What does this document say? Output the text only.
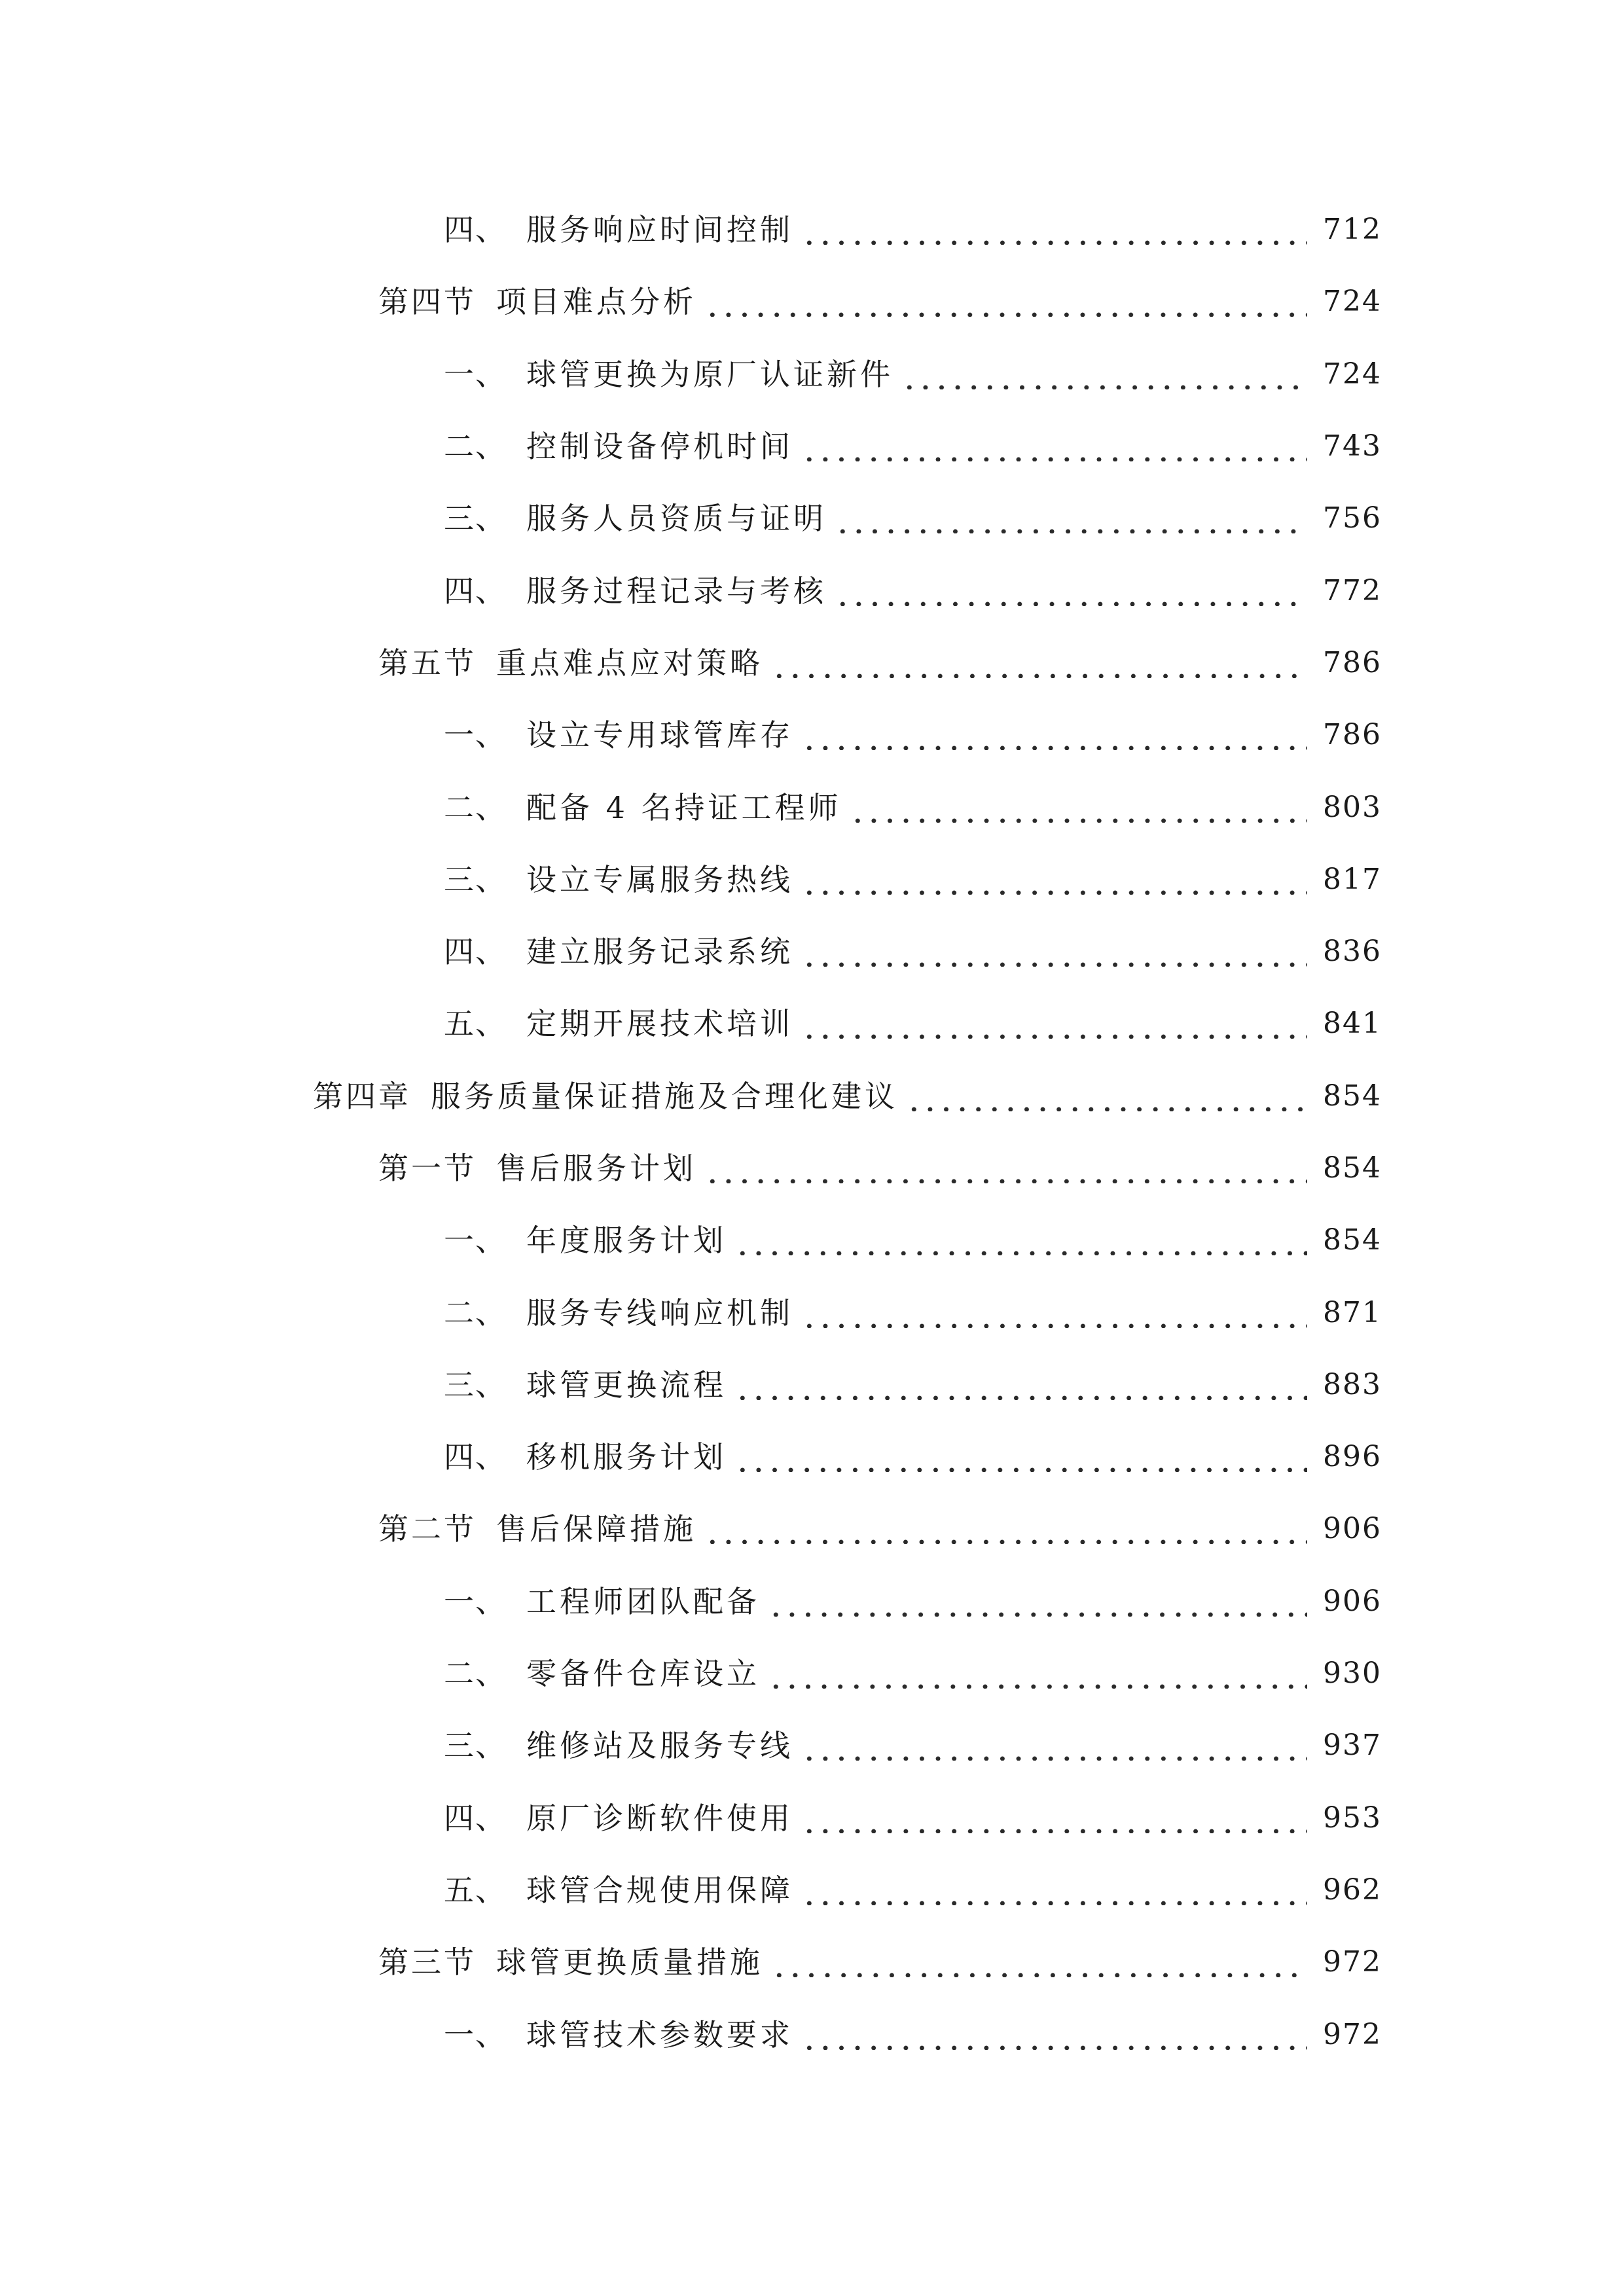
四、 服务响应时间控制	712
第四节 项目难点分析	724
一、 球管更换为原厂认证新件	724
二、 控制设备停机时间	743
三、 服务人员资质与证明	756
四、 服务过程记录与考核	772
第五节 重点难点应对策略	786
一、 设立专用球管库存	786
二、 配备 4 名持证工程师	803
三、 设立专属服务热线	817
四、 建立服务记录系统	836
五、 定期开展技术培训	841
第四章 服务质量保证措施及合理化建议	854
第一节 售后服务计划	854
一、 年度服务计划	854
二、 服务专线响应机制	871
三、 球管更换流程	883
四、 移机服务计划	896
第二节 售后保障措施	906
一、 工程师团队配备	906
二、 零备件仓库设立	930
三、 维修站及服务专线	937
四、 原厂诊断软件使用	953
五、 球管合规使用保障	962
第三节 球管更换质量措施	972
一、 球管技术参数要求	972
